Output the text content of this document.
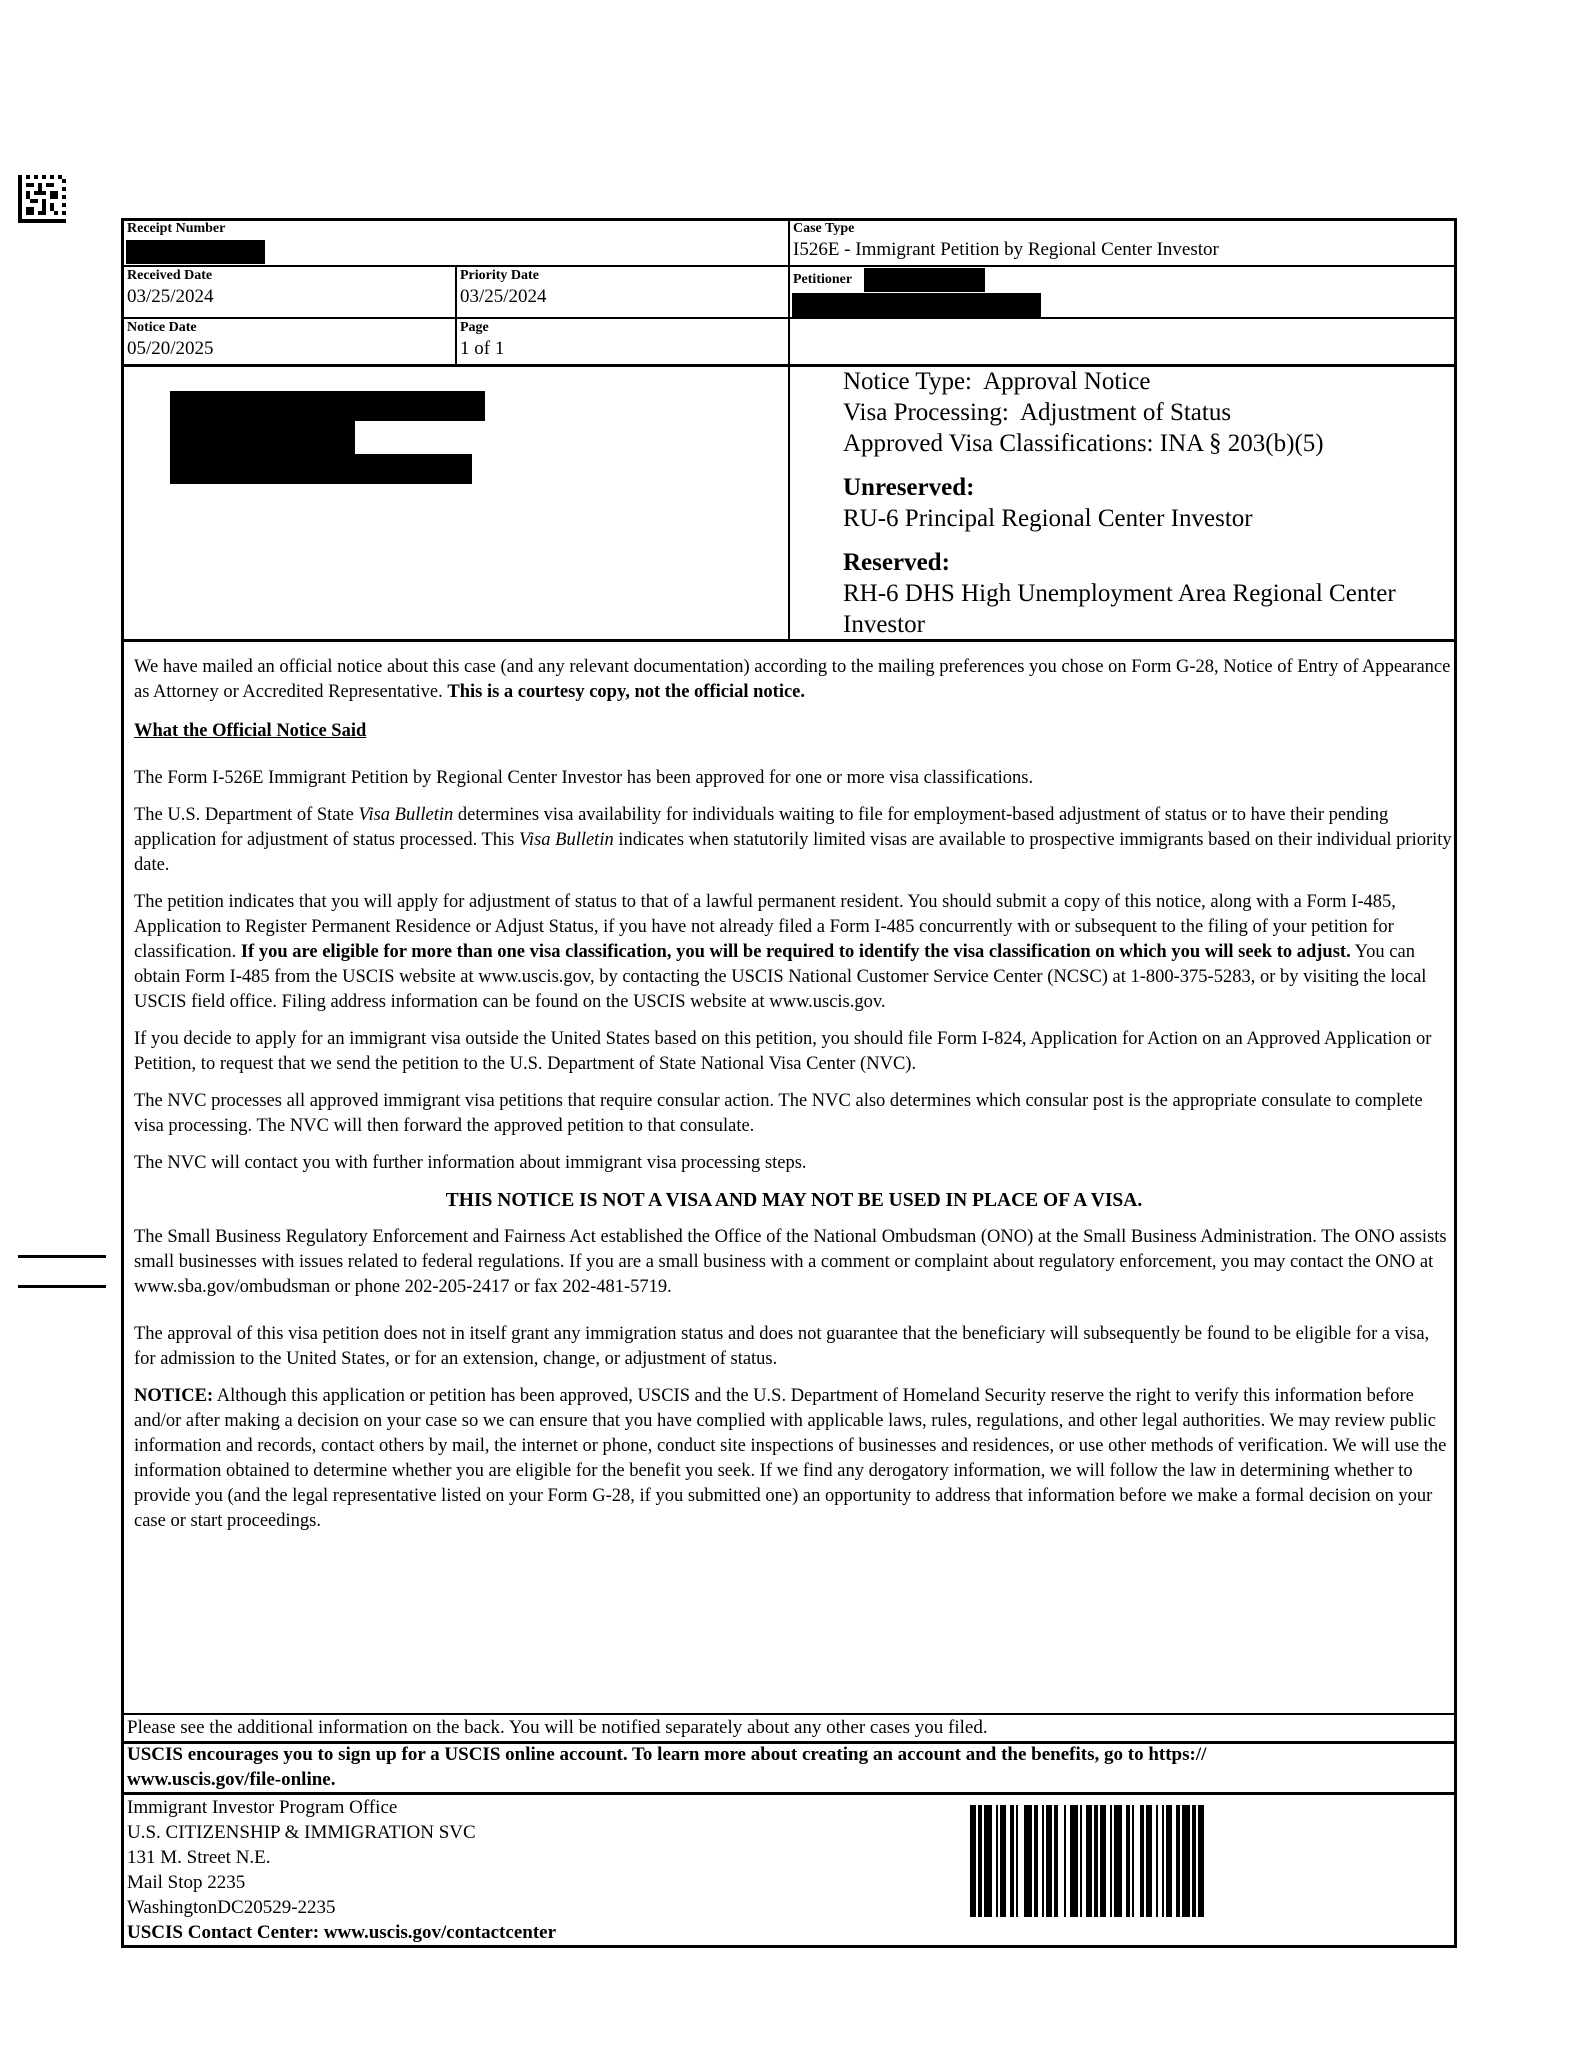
Receipt Number	Case Type
I526E - Immigrant Petition by Regional Center Investor
Received Date
03/25/2024
Priority Date
03/25/2024
Petitioner
Notice Date
05/20/2025
Page
1 of 1
Notice Type:  Approval Notice
Visa Processing:  Adjustment of Status
Approved Visa Classifications: INA § 203(b)(5)
Unreserved:
RU-6 Principal Regional Center Investor
Reserved:
RH-6 DHS High Unemployment Area Regional Center
Investor

We have mailed an official notice about this case (and any relevant documentation) according to the mailing preferences you chose on Form G-28, Notice of Entry of Appearance as Attorney or Accredited Representative. This is a courtesy copy, not the official notice.

What the Official Notice Said

The Form I-526E Immigrant Petition by Regional Center Investor has been approved for one or more visa classifications.

The U.S. Department of State Visa Bulletin determines visa availability for individuals waiting to file for employment-based adjustment of status or to have their pending application for adjustment of status processed. This Visa Bulletin indicates when statutorily limited visas are available to prospective immigrants based on their individual priority date.

The petition indicates that you will apply for adjustment of status to that of a lawful permanent resident. You should submit a copy of this notice, along with a Form I-485, Application to Register Permanent Residence or Adjust Status, if you have not already filed a Form I-485 concurrently with or subsequent to the filing of your petition for classification. If you are eligible for more than one visa classification, you will be required to identify the visa classification on which you will seek to adjust. You can obtain Form I-485 from the USCIS website at www.uscis.gov, by contacting the USCIS National Customer Service Center (NCSC) at 1-800-375-5283, or by visiting the local USCIS field office. Filing address information can be found on the USCIS website at www.uscis.gov.

If you decide to apply for an immigrant visa outside the United States based on this petition, you should file Form I-824, Application for Action on an Approved Application or Petition, to request that we send the petition to the U.S. Department of State National Visa Center (NVC).

The NVC processes all approved immigrant visa petitions that require consular action. The NVC also determines which consular post is the appropriate consulate to complete visa processing. The NVC will then forward the approved petition to that consulate.

The NVC will contact you with further information about immigrant visa processing steps.

THIS NOTICE IS NOT A VISA AND MAY NOT BE USED IN PLACE OF A VISA.

The Small Business Regulatory Enforcement and Fairness Act established the Office of the National Ombudsman (ONO) at the Small Business Administration. The ONO assists small businesses with issues related to federal regulations. If you are a small business with a comment or complaint about regulatory enforcement, you may contact the ONO at www.sba.gov/ombudsman or phone 202-205-2417 or fax 202-481-5719.

The approval of this visa petition does not in itself grant any immigration status and does not guarantee that the beneficiary will subsequently be found to be eligible for a visa, for admission to the United States, or for an extension, change, or adjustment of status.

NOTICE: Although this application or petition has been approved, USCIS and the U.S. Department of Homeland Security reserve the right to verify this information before and/or after making a decision on your case so we can ensure that you have complied with applicable laws, rules, regulations, and other legal authorities. We may review public information and records, contact others by mail, the internet or phone, conduct site inspections of businesses and residences, or use other methods of verification. We will use the information obtained to determine whether you are eligible for the benefit you seek. If we find any derogatory information, we will follow the law in determining whether to provide you (and the legal representative listed on your Form G-28, if you submitted one) an opportunity to address that information before we make a formal decision on your case or start proceedings.

Please see the additional information on the back. You will be notified separately about any other cases you filed.
USCIS encourages you to sign up for a USCIS online account. To learn more about creating an account and the benefits, go to https://
www.uscis.gov/file-online.
Immigrant Investor Program Office
U.S. CITIZENSHIP & IMMIGRATION SVC
131 M. Street N.E.
Mail Stop 2235
WashingtonDC20529-2235
USCIS Contact Center: www.uscis.gov/contactcenter
